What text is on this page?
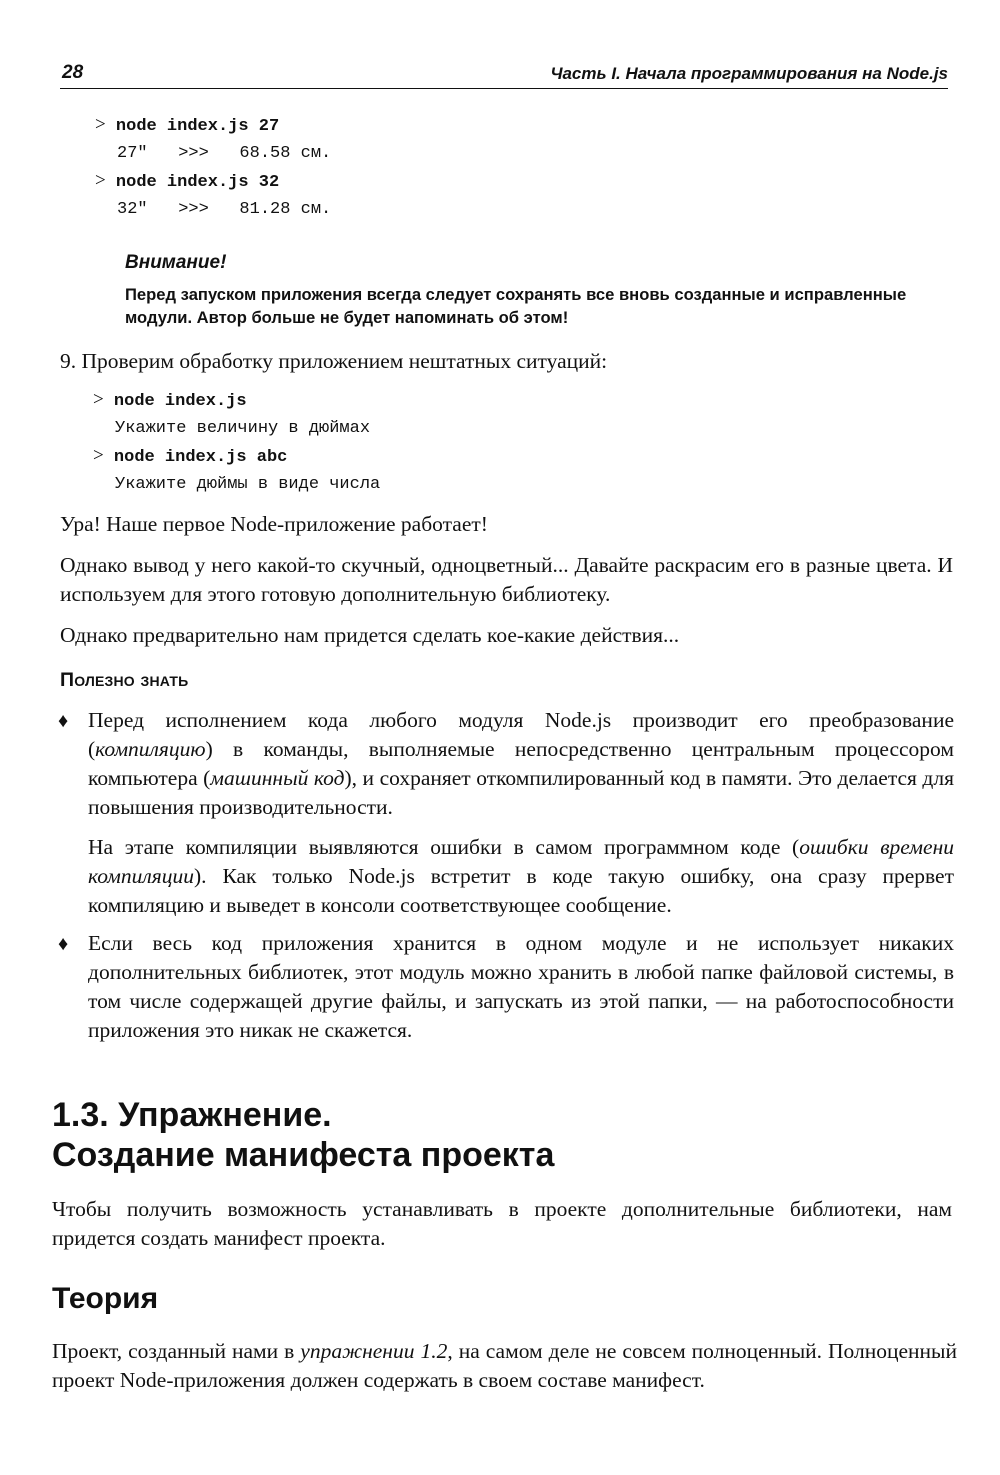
28	Часть I. Начала программирования на Node.js
> node index.js 27
27"   >>>   68.58 см.
> node index.js 32
32"   >>>   81.28 см.
Внимание!
Перед запуском приложения всегда следует сохранять все вновь созданные и исправленные модули. Автор больше не будет напоминать об этом!
9. Проверим обработку приложением нештатных ситуаций:
> node index.js
Укажите величину в дюймах
> node index.js abc
Укажите дюймы в виде числа
Ура! Наше первое Node-приложение работает!
Однако вывод у него какой-то скучный, одноцветный... Давайте раскрасим его в разные цвета. И используем для этого готовую дополнительную библиотеку.
Однако предварительно нам придется сделать кое-какие действия...
Полезно знать
♦ Перед исполнением кода любого модуля Node.js производит его преобразование (компиляцию) в команды, выполняемые непосредственно центральным процессором компьютера (машинный код), и сохраняет откомпилированный код в памяти. Это делается для повышения производительности.
На этапе компиляции выявляются ошибки в самом программном коде (ошибки времени компиляции). Как только Node.js встретит в коде такую ошибку, она сразу прервет компиляцию и выведет в консоли соответствующее сообщение.
♦ Если весь код приложения хранится в одном модуле и не использует никаких дополнительных библиотек, этот модуль можно хранить в любой папке файловой системы, в том числе содержащей другие файлы, и запускать из этой папки, — на работоспособности приложения это никак не скажется.
1.3. Упражнение.
Создание манифеста проекта
Чтобы получить возможность устанавливать в проекте дополнительные библиотеки, нам придется создать манифест проекта.
Теория
Проект, созданный нами в упражнении 1.2, на самом деле не совсем полноценный. Полноценный проект Node-приложения должен содержать в своем составе манифест.
